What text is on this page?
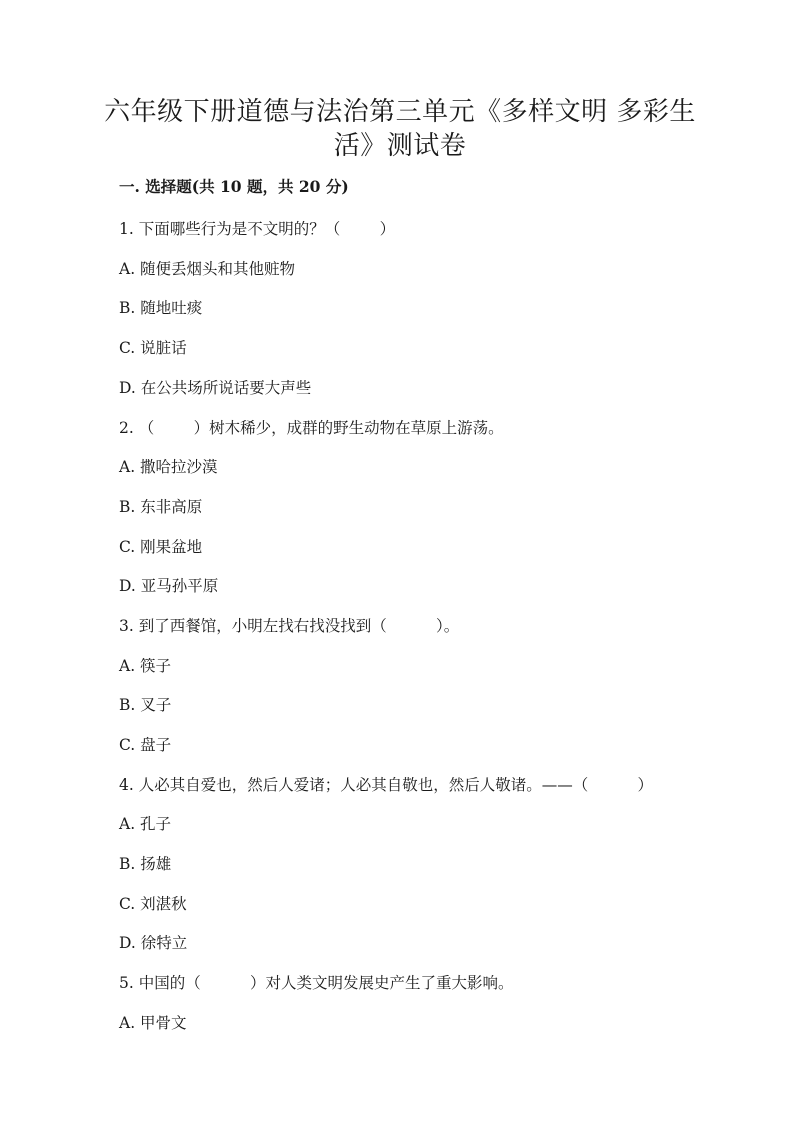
六年级下册道德与法治第三单元《多样文明 多彩生
活》测试卷
一. 选择题(共 10 题，共 20 分)
1. 下面哪些行为是不文明的？（        ）
A. 随便丢烟头和其他赃物
B. 随地吐痰
C. 说脏话
D. 在公共场所说话要大声些
2. （        ）树木稀少，成群的野生动物在草原上游荡。
A. 撒哈拉沙漠
B. 东非高原
C. 刚果盆地
D. 亚马孙平原
3. 到了西餐馆，小明左找右找没找到（          ）。
A. 筷子
B. 叉子
C. 盘子
4. 人必其自爱也，然后人爱诸；人必其自敬也，然后人敬诸。——（          ）
A. 孔子
B. 扬雄
C. 刘湛秋
D. 徐特立
5. 中国的（          ）对人类文明发展史产生了重大影响。
A. 甲骨文
